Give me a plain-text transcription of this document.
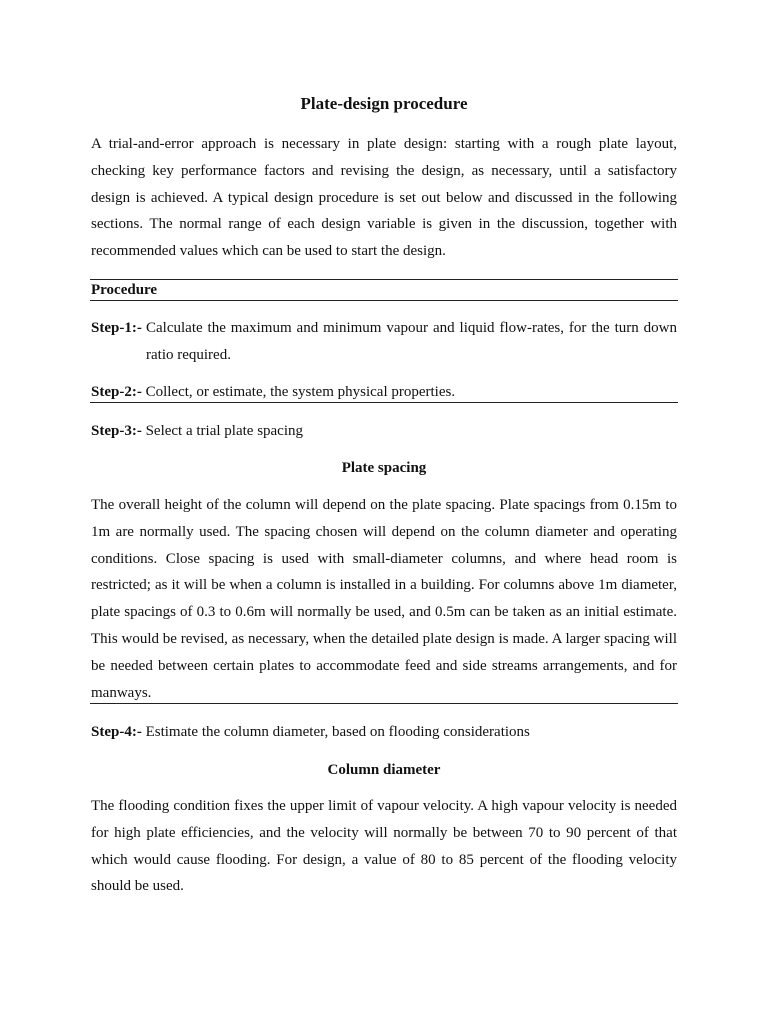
Plate-design procedure
A trial-and-error approach is necessary in plate design: starting with a rough plate layout, checking key performance factors and revising the design, as necessary, until a satisfactory design is achieved. A typical design procedure is set out below and discussed in the following sections. The normal range of each design variable is given in the discussion, together with recommended values which can be used to start the design.
Procedure
Step-1:- Calculate the maximum and minimum vapour and liquid flow-rates, for the turn down ratio required.
Step-2:- Collect, or estimate, the system physical properties.
Step-3:- Select a trial plate spacing
Plate spacing
The overall height of the column will depend on the plate spacing. Plate spacings from 0.15m to 1m are normally used. The spacing chosen will depend on the column diameter and operating conditions. Close spacing is used with small-diameter columns, and where head room is restricted; as it will be when a column is installed in a building. For columns above 1m diameter, plate spacings of 0.3 to 0.6m will normally be used, and 0.5m can be taken as an initial estimate. This would be revised, as necessary, when the detailed plate design is made. A larger spacing will be needed between certain plates to accommodate feed and side streams arrangements, and for manways.
Step-4:- Estimate the column diameter, based on flooding considerations
Column diameter
The flooding condition fixes the upper limit of vapour velocity. A high vapour velocity is needed for high plate efficiencies, and the velocity will normally be between 70 to 90 percent of that which would cause flooding. For design, a value of 80 to 85 percent of the flooding velocity should be used.
